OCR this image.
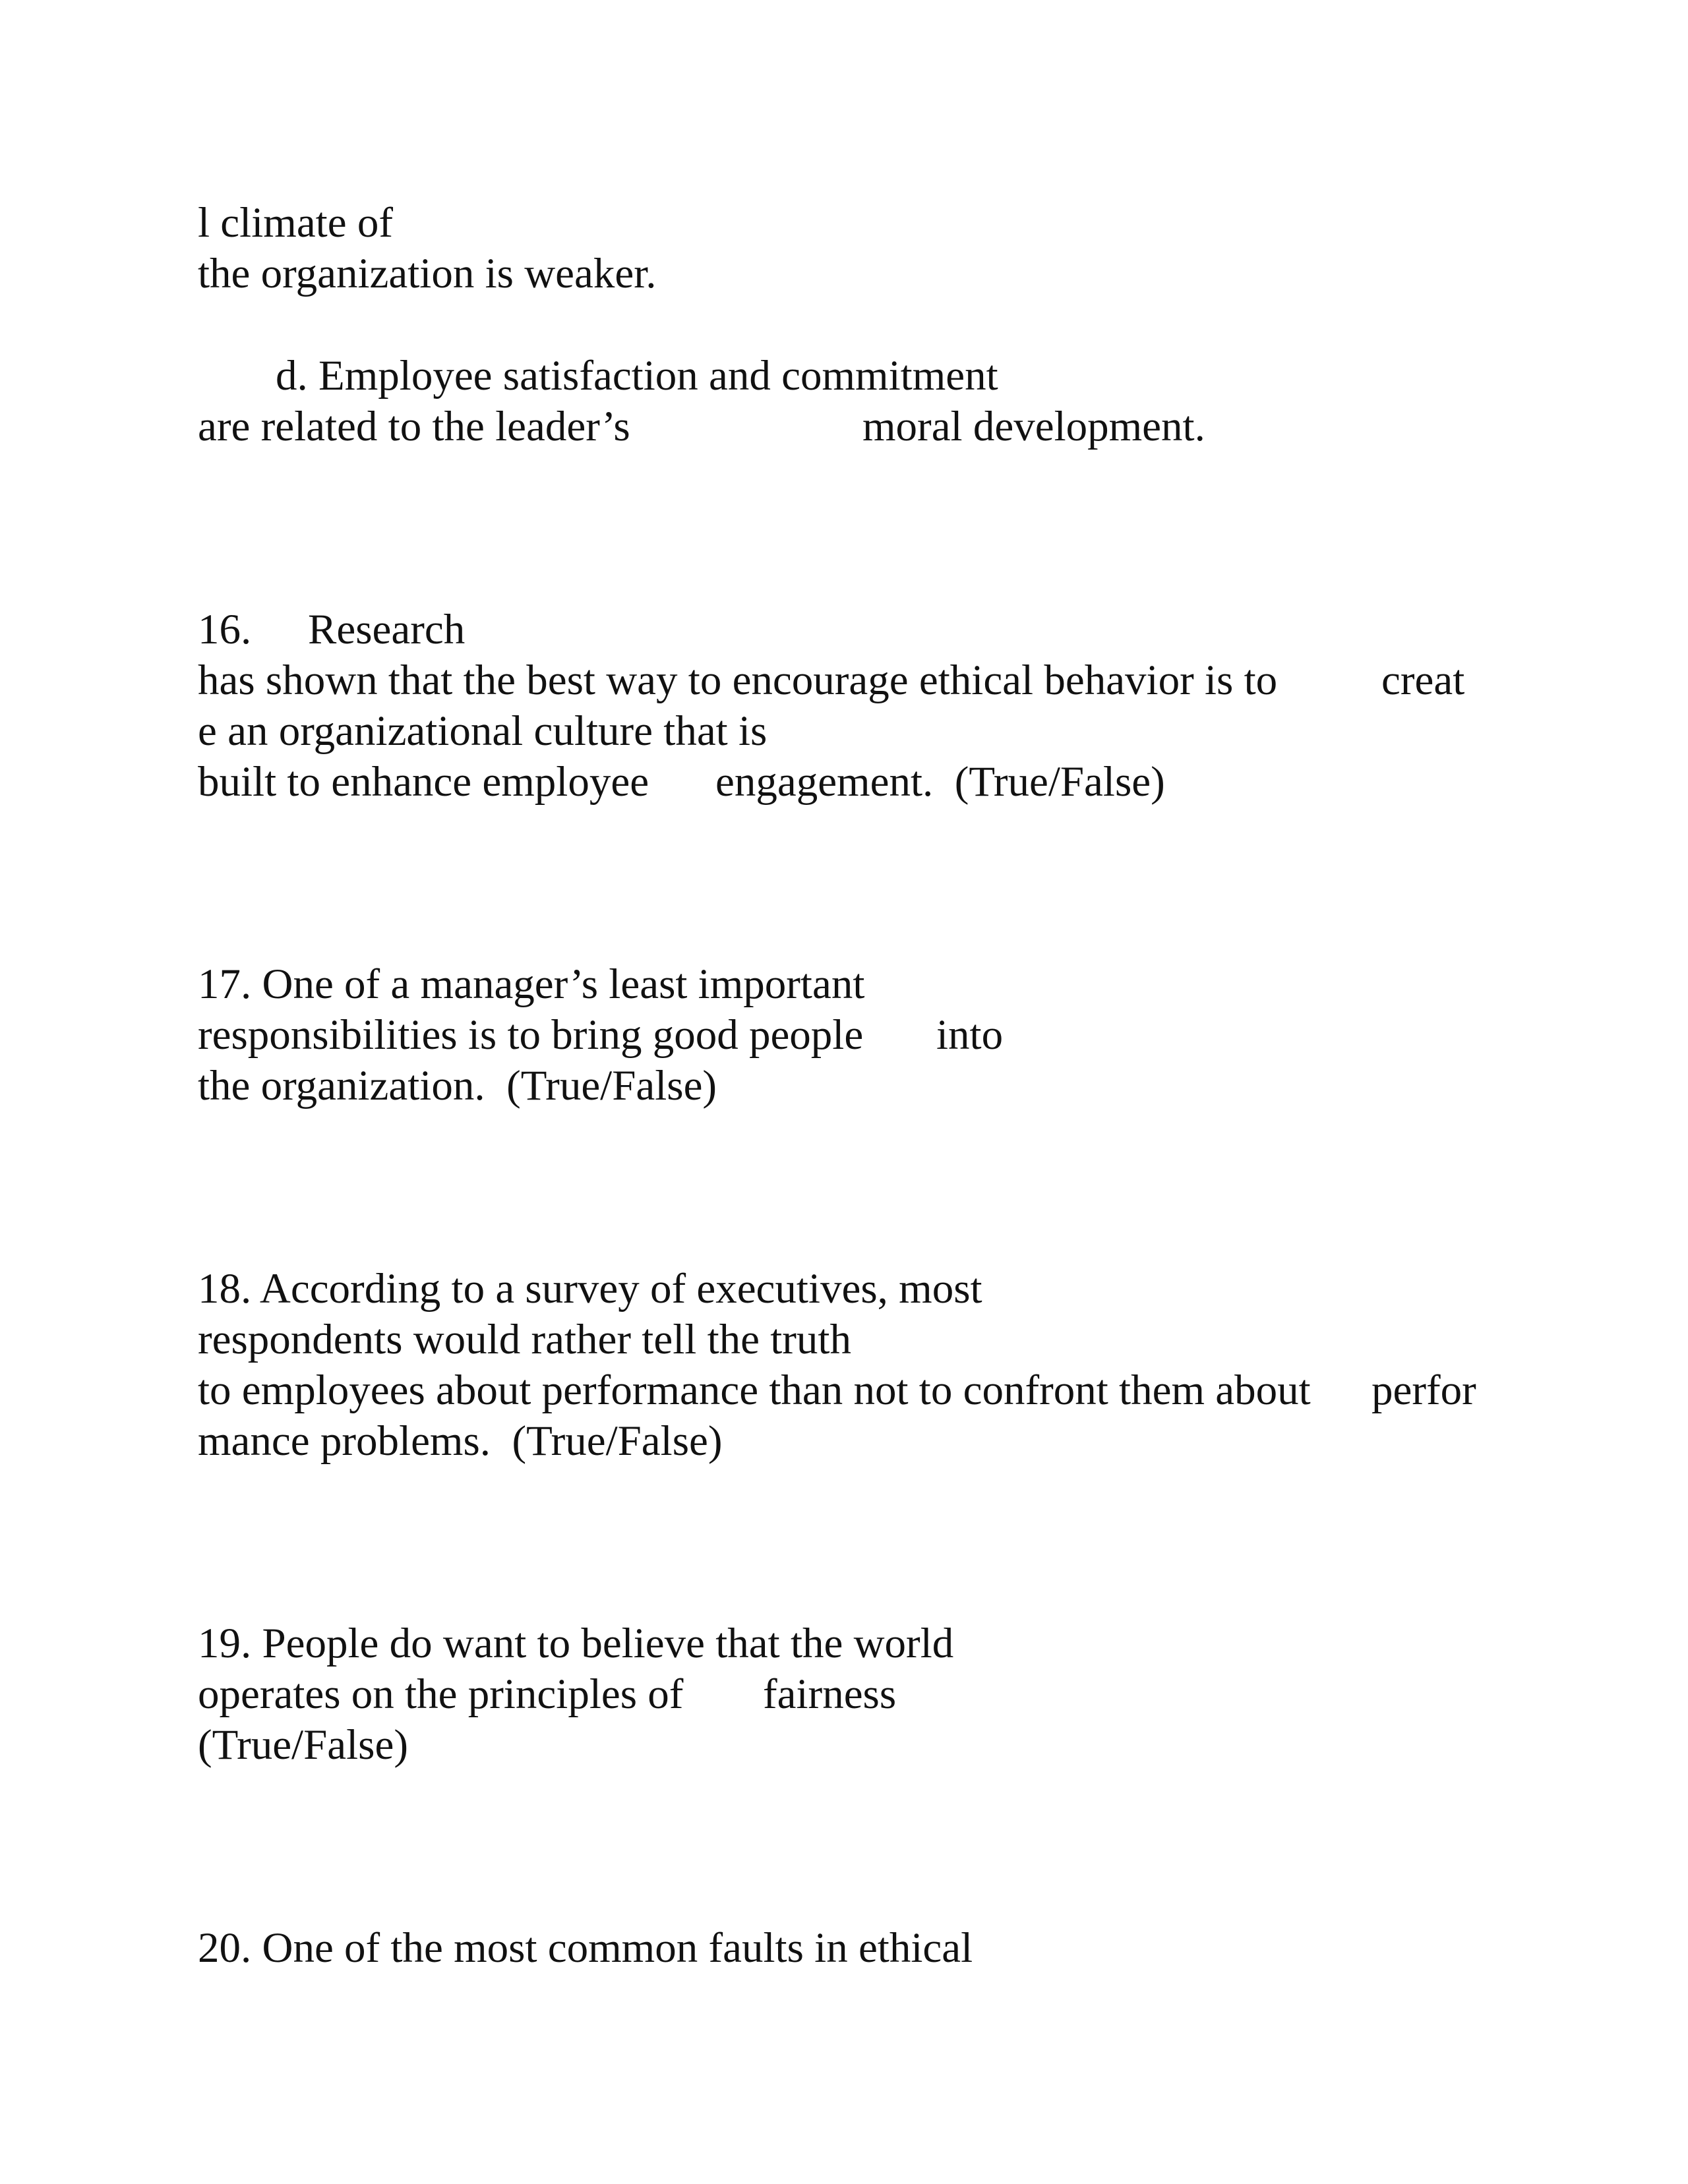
l climate of
the organization is weaker.
d. Employee satisfaction and commitment
are related to the leader’s	moral development.
16. Research
has shown that the best way to encourage ethical behavior is to creat
e an organizational culture that is
built to enhance employee engagement.  (True/False)
17. One of a manager’s least important
responsibilities is to bring good people into
the organization.  (True/False)
18. According to a survey of executives, most
respondents would rather tell the truth
to employees about performance than not to confront them about perfor
mance problems.  (True/False)
19. People do want to believe that the world
operates on the principles of fairness
(True/False)
20. One of the most common faults in ethical
